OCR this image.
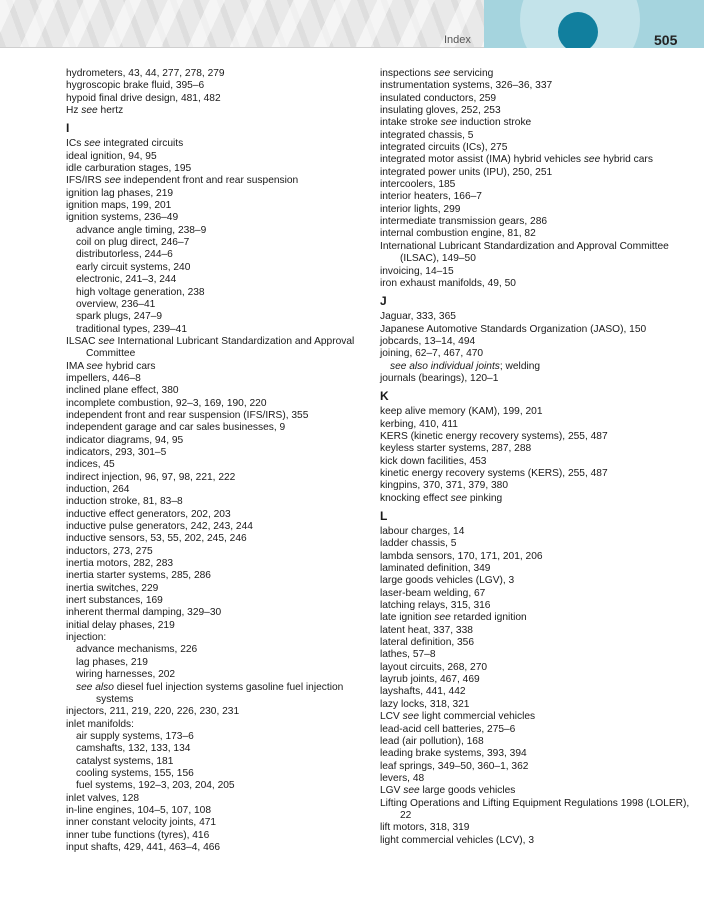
Index	505
hydrometers, 43, 44, 277, 278, 279
hygroscopic brake fluid, 395–6
hypoid final drive design, 481, 482
Hz see hertz
I
ICs see integrated circuits
ideal ignition, 94, 95
idle carburation stages, 195
IFS/IRS see independent front and rear suspension
ignition lag phases, 219
ignition maps, 199, 201
ignition systems, 236–49
advance angle timing, 238–9
coil on plug direct, 246–7
distributorless, 244–6
early circuit systems, 240
electronic, 241–3, 244
high voltage generation, 238
overview, 236–41
spark plugs, 247–9
traditional types, 239–41
ILSAC see International Lubricant Standardization and Approval Committee
IMA see hybrid cars
impellers, 446–8
inclined plane effect, 380
incomplete combustion, 92–3, 169, 190, 220
independent front and rear suspension (IFS/IRS), 355
independent garage and car sales businesses, 9
indicator diagrams, 94, 95
indicators, 293, 301–5
indices, 45
indirect injection, 96, 97, 98, 221, 222
induction, 264
induction stroke, 81, 83–8
inductive effect generators, 202, 203
inductive pulse generators, 242, 243, 244
inductive sensors, 53, 55, 202, 245, 246
inductors, 273, 275
inertia motors, 282, 283
inertia starter systems, 285, 286
inertia switches, 229
inert substances, 169
inherent thermal damping, 329–30
initial delay phases, 219
injection:
advance mechanisms, 226
lag phases, 219
wiring harnesses, 202
see also diesel fuel injection systems gasoline fuel injection systems
injectors, 211, 219, 220, 226, 230, 231
inlet manifolds:
air supply systems, 173–6
camshafts, 132, 133, 134
catalyst systems, 181
cooling systems, 155, 156
fuel systems, 192–3, 203, 204, 205
inlet valves, 128
in-line engines, 104–5, 107, 108
inner constant velocity joints, 471
inner tube functions (tyres), 416
input shafts, 429, 441, 463–4, 466
inspections see servicing
instrumentation systems, 326–36, 337
insulated conductors, 259
insulating gloves, 252, 253
intake stroke see induction stroke
integrated chassis, 5
integrated circuits (ICs), 275
integrated motor assist (IMA) hybrid vehicles see hybrid cars
integrated power units (IPU), 250, 251
intercoolers, 185
interior heaters, 166–7
interior lights, 299
intermediate transmission gears, 286
internal combustion engine, 81, 82
International Lubricant Standardization and Approval Committee (ILSAC), 149–50
invoicing, 14–15
iron exhaust manifolds, 49, 50
J
Jaguar, 333, 365
Japanese Automotive Standards Organization (JASO), 150
jobcards, 13–14, 494
joining, 62–7, 467, 470
see also individual joints; welding
journals (bearings), 120–1
K
keep alive memory (KAM), 199, 201
kerbing, 410, 411
KERS (kinetic energy recovery systems), 255, 487
keyless starter systems, 287, 288
kick down facilities, 453
kinetic energy recovery systems (KERS), 255, 487
kingpins, 370, 371, 379, 380
knocking effect see pinking
L
labour charges, 14
ladder chassis, 5
lambda sensors, 170, 171, 201, 206
laminated definition, 349
large goods vehicles (LGV), 3
laser-beam welding, 67
latching relays, 315, 316
late ignition see retarded ignition
latent heat, 337, 338
lateral definition, 356
lathes, 57–8
layout circuits, 268, 270
layrub joints, 467, 469
layshafts, 441, 442
lazy locks, 318, 321
LCV see light commercial vehicles
lead-acid cell batteries, 275–6
lead (air pollution), 168
leading brake systems, 393, 394
leaf springs, 349–50, 360–1, 362
levers, 48
LGV see large goods vehicles
Lifting Operations and Lifting Equipment Regulations 1998 (LOLER), 22
lift motors, 318, 319
light commercial vehicles (LCV), 3
